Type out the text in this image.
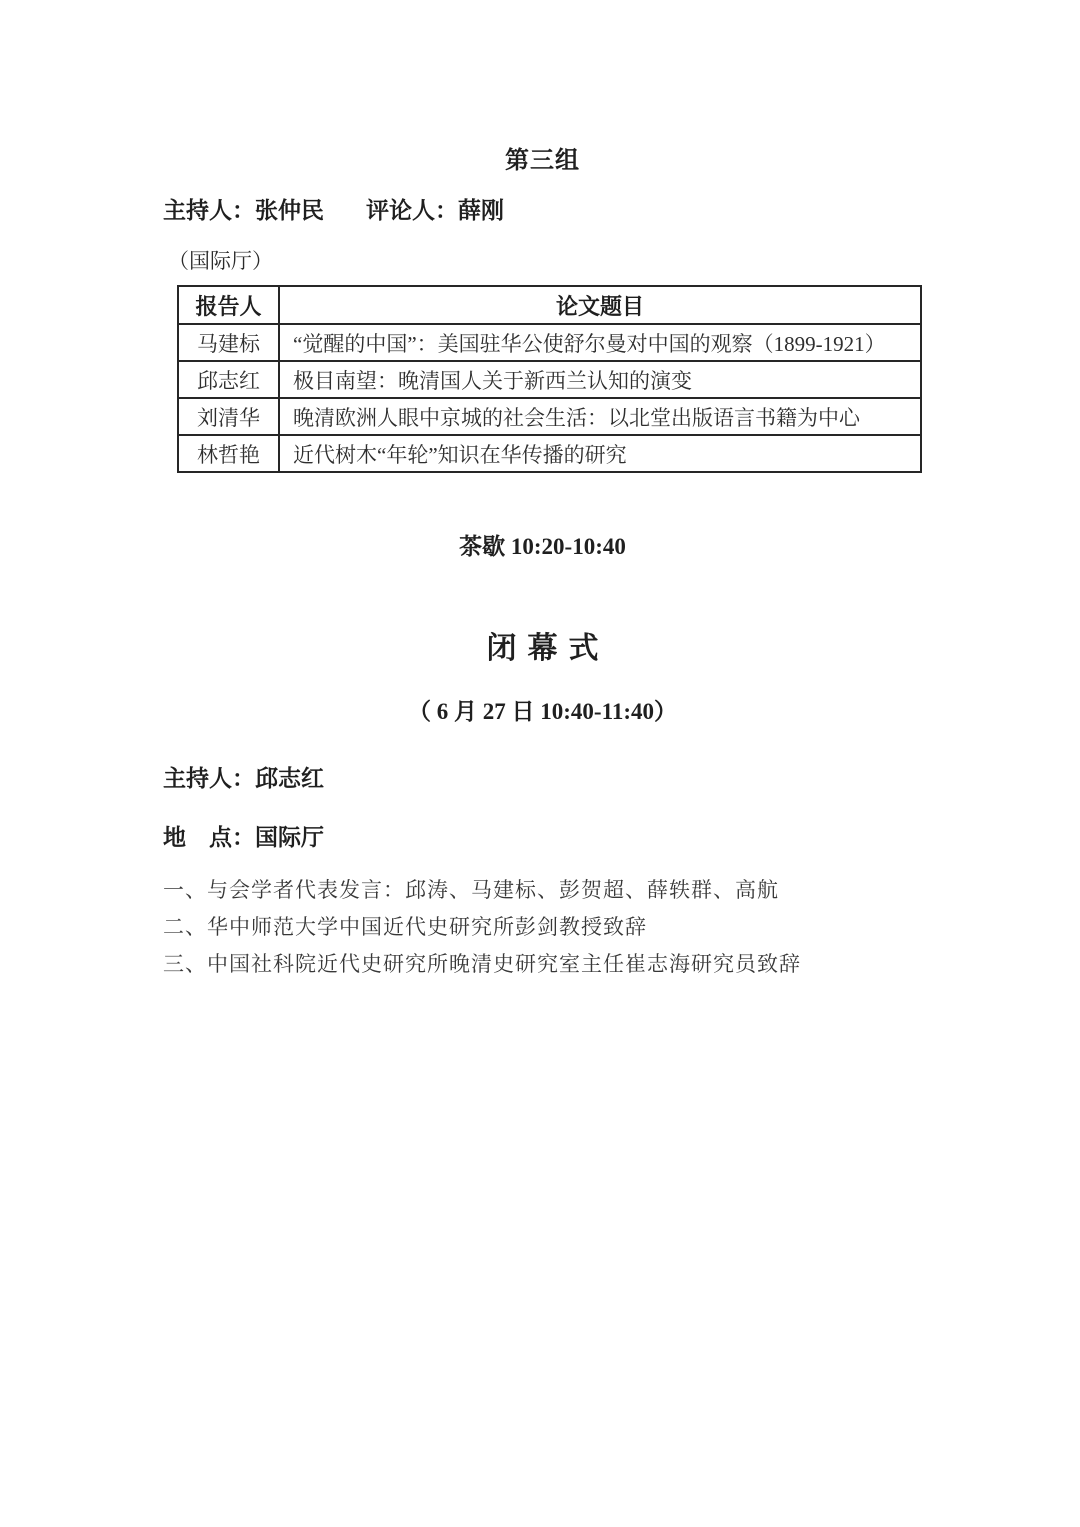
第三组
主持人：张仲民 评论人：薛刚
（国际厅）
报告人	论文题目
马建标	“觉醒的中国”：美国驻华公使舒尔曼对中国的观察（1899-1921）
邱志红	极目南望：晚清国人关于新西兰认知的演变
刘清华	晚清欧洲人眼中京城的社会生活：以北堂出版语言书籍为中心
林哲艳	近代树木“年轮”知识在华传播的研究
茶歇 10:20-10:40
闭幕式
（ 6 月 27 日 10:40-11:40）
主持人：邱志红
地　点：国际厅
一、与会学者代表发言：邱涛、马建标、彭贺超、薛轶群、高航
二、华中师范大学中国近代史研究所彭剑教授致辞
三、中国社科院近代史研究所晚清史研究室主任崔志海研究员致辞
